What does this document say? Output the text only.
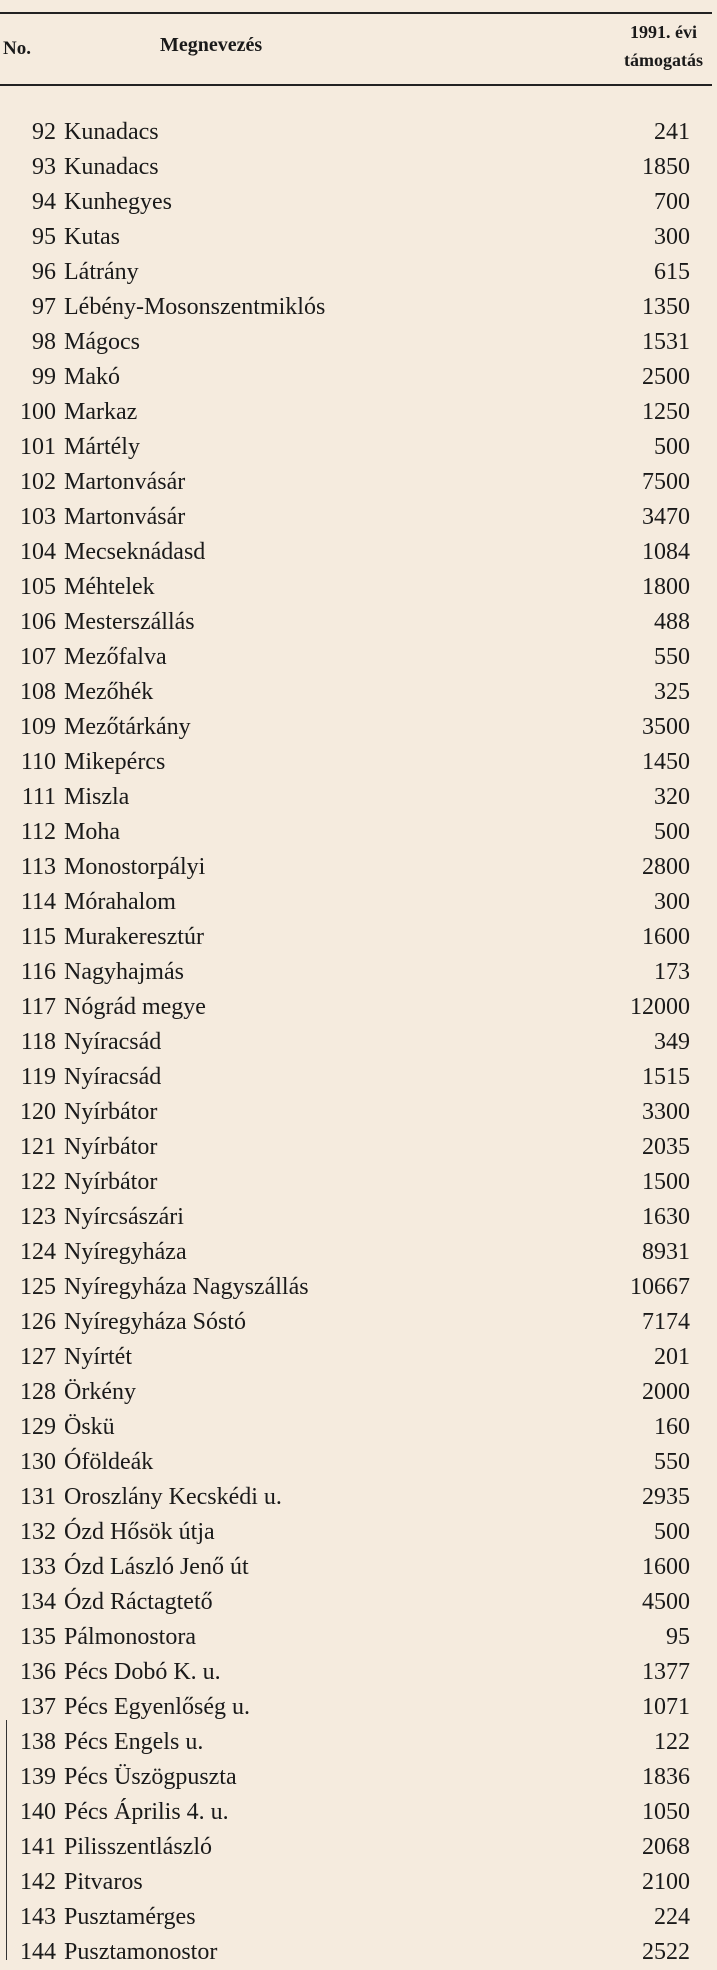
No.	Megnevezés
1991. évi
támogatás
92 Kunadacs	241
93 Kunadacs	1850
94 Kunhegyes	700
95 Kutas	300
96 Látrány	615
97 Lébény-Mosonszentmiklós	1350
98 Mágocs	1531
99 Makó	2500
100 Markaz	1250
101 Mártély	500
102 Martonvásár	7500
103 Martonvásár	3470
104 Mecseknádasd	1084
105 Méhtelek	1800
106 Mesterszállás	488
107 Mezőfalva	550
108 Mezőhék	325
109 Mezőtárkány	3500
110 Mikepércs	1450
111 Miszla	320
112 Moha	500
113 Monostorpályi	2800
114 Mórahalom	300
115 Murakeresztúr	1600
116 Nagyhajmás	173
117 Nógrád megye	12000
118 Nyíracsád	349
119 Nyíracsád	1515
120 Nyírbátor	3300
121 Nyírbátor	2035
122 Nyírbátor	1500
123 Nyírcsászári	1630
124 Nyíregyháza	8931
125 Nyíregyháza Nagyszállás	10667
126 Nyíregyháza Sóstó	7174
127 Nyírtét	201
128 Örkény	2000
129 Öskü	160
130 Óföldeák	550
131 Oroszlány Kecskédi u.	2935
132 Ózd Hősök útja	500
133 Ózd László Jenő út	1600
134 Ózd Ráctagtető	4500
135 Pálmonostora	95
136 Pécs Dobó K. u.	1377
137 Pécs Egyenlőség u.	1071
138 Pécs Engels u.	122
139 Pécs Üszögpuszta	1836
140 Pécs Április 4. u.	1050
141 Pilisszentlászló	2068
142 Pitvaros	2100
143 Pusztamérges	224
144 Pusztamonostor	2522
